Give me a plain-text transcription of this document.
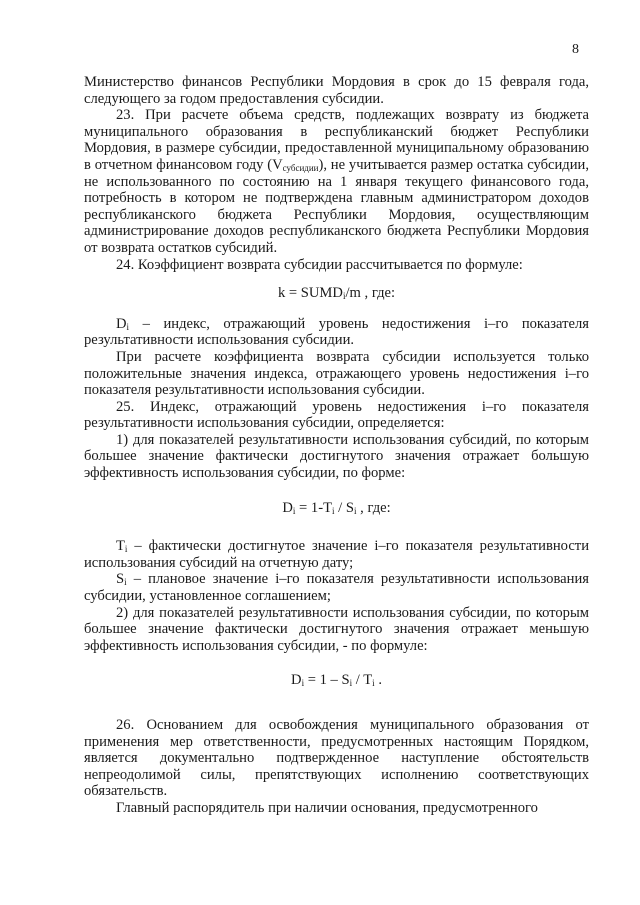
8

Министерство финансов Республики Мордовия в срок до 15 февраля года, следующего за годом предоставления субсидии.

23. При расчете объема средств, подлежащих возврату из бюджета муниципального образования в республиканский бюджет Республики Мордовия, в размере субсидии, предоставленной муниципальному образованию в отчетном финансовом году $(V_{субсидии})$, не учитывается размер остатка субсидии, не использованного по состоянию на 1 января текущего финансового года, потребность в котором не подтверждена главным администратором доходов республиканского бюджета Республики Мордовия, осуществляющим администрирование доходов республиканского бюджета Республики Мордовия от возврата остатков субсидий.

24. Коэффициент возврата субсидии рассчитывается по формуле:

$k = SUMD_i/m$ , где:

$D_i$ – индекс, отражающий уровень недостижения i–го показателя результативности использования субсидии.

При расчете коэффициента возврата субсидии используется только положительные значения индекса, отражающего уровень недостижения i–го показателя результативности использования субсидии.

25. Индекс, отражающий уровень недостижения i–го показателя результативности использования субсидии, определяется:

1) для показателей результативности использования субсидий, по которым большее значение фактически достигнутого значения отражает большую эффективность использования субсидии, по форме:

$D_i = 1-T_i / S_i$ , где:

$T_i$ – фактически достигнутое значение i–го показателя результативности использования субсидий на отчетную дату;

$S_i$ – плановое значение i–го показателя результативности использования субсидии, установленное соглашением;

2) для показателей результативности использования субсидии, по которым большее значение фактически достигнутого значения отражает меньшую эффективность использования субсидии, - по формуле:

$D_i = 1 - S_i / T_i$ .

26. Основанием для освобождения муниципального образования от применения мер ответственности, предусмотренных настоящим Порядком, является документально подтвержденное наступление обстоятельств непреодолимой силы, препятствующих исполнению соответствующих обязательств.

Главный распорядитель при наличии основания, предусмотренного
